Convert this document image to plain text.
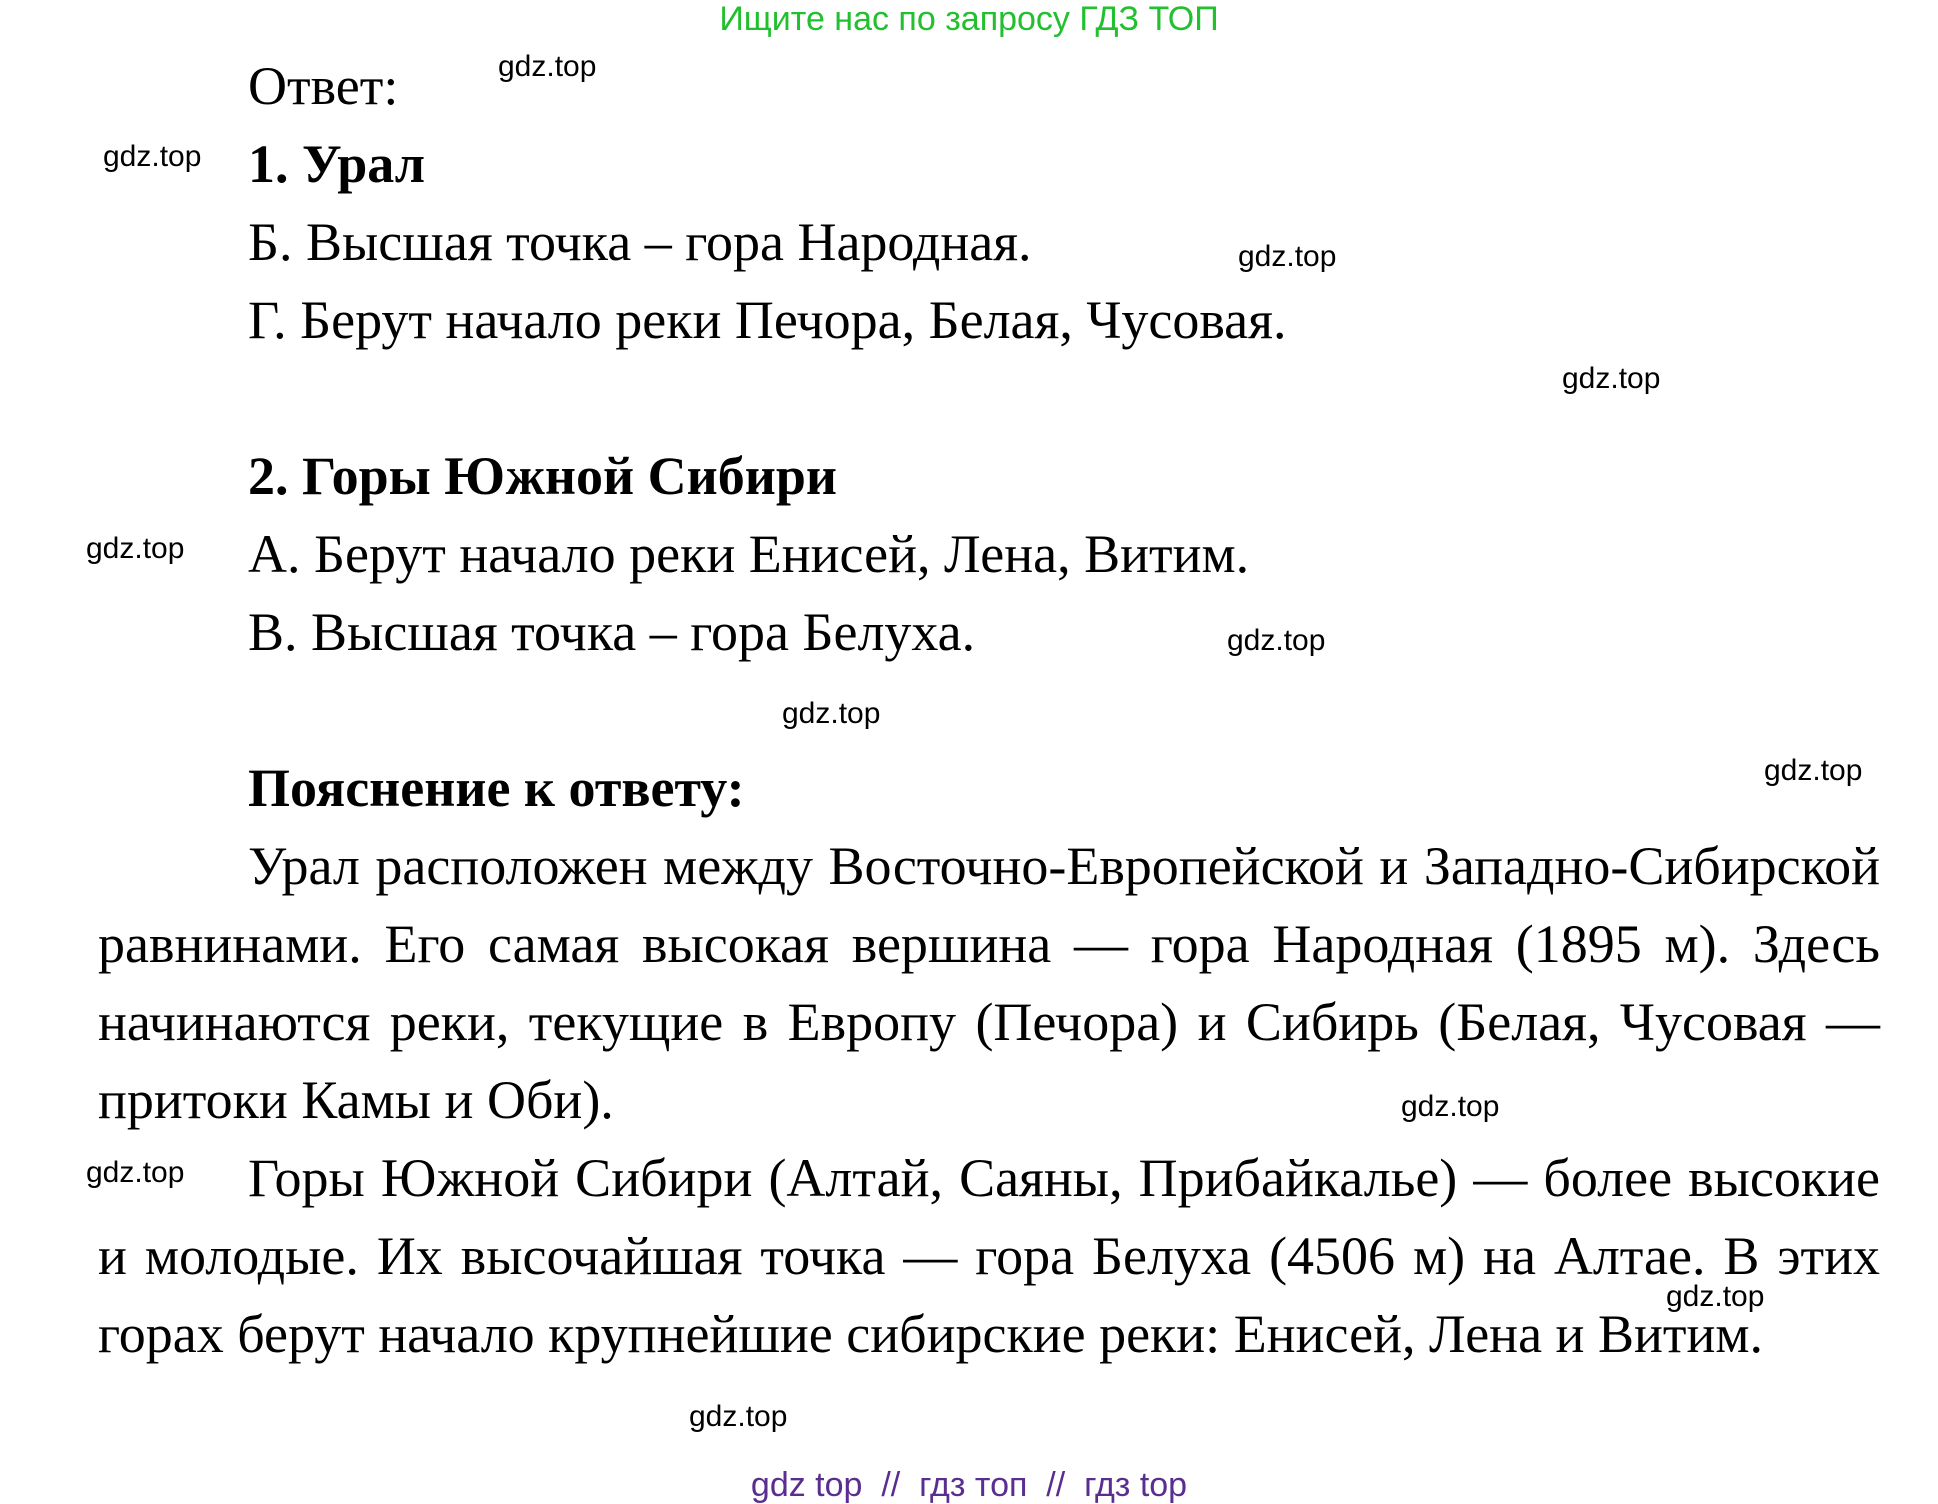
Ищите нас по запросу ГДЗ ТОП
Ответ:
1. Урал
Б. Высшая точка – гора Народная.
Г. Берут начало реки Печора, Белая, Чусовая.
2. Горы Южной Сибири
А. Берут начало реки Енисей, Лена, Витим.
В. Высшая точка – гора Белуха.
Пояснение к ответу:

Урал расположен между Восточно-Европейской и Западно-Сибирской равнинами. Его самая высокая вершина — гора Народная (1895 м). Здесь начинаются реки, текущие в Европу (Печора) и Сибирь (Белая, Чусовая — притоки Камы и Оби).

Горы Южной Сибири (Алтай, Саяны, Прибайкалье) — более высокие и молодые. Их высочайшая точка — гора Белуха (4506 м) на Алтае. В этих горах берут начало крупнейшие сибирские реки: Енисей, Лена и Витим.

gdz.top
gdz.top
gdz.top
gdz.top
gdz.top
gdz.top
gdz.top
gdz.top
gdz.top
gdz.top
gdz.top
gdz.top
gdz top  //  гдз топ  //  гдз top
